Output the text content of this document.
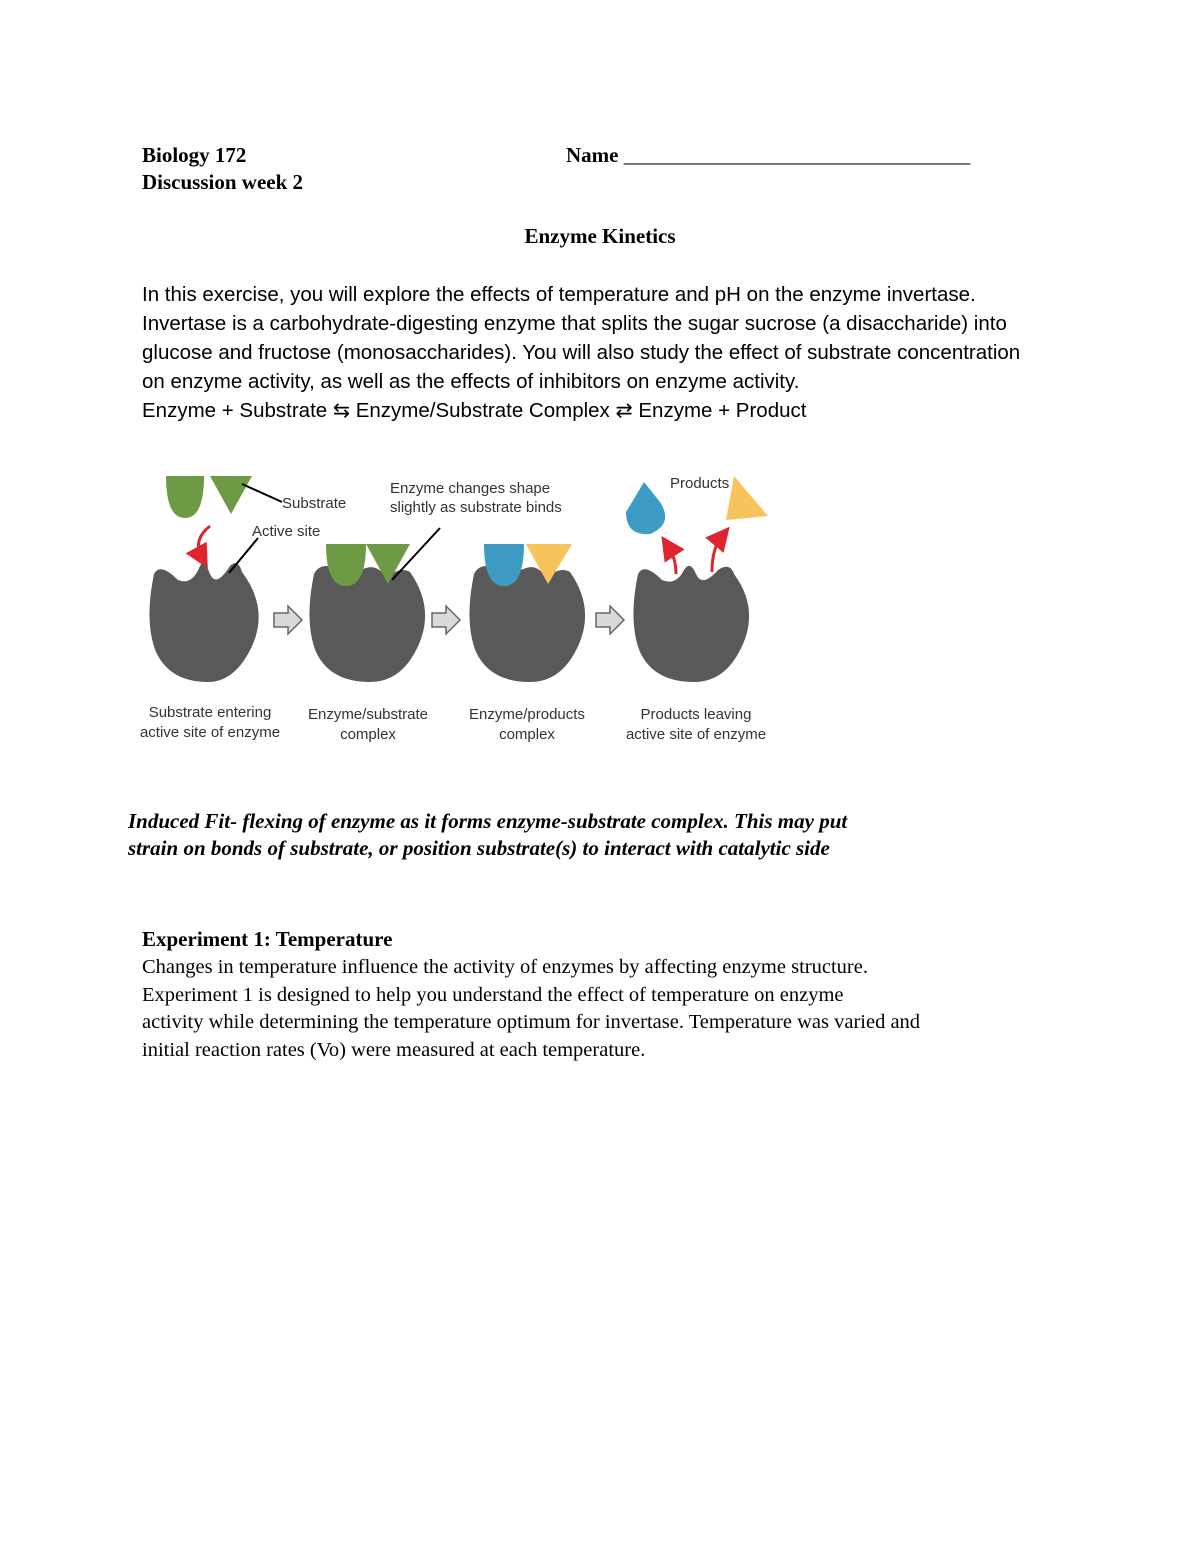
Biology 172
Discussion week 2
Name _________________________________
Enzyme Kinetics
In this exercise, you will explore the effects of temperature and pH on the enzyme invertase.
Invertase is a carbohydrate-digesting enzyme that splits the sugar sucrose (a disaccharide) into
glucose and fructose (monosaccharides). You will also study the effect of substrate concentration
on enzyme activity, as well as the effects of inhibitors on enzyme activity.
Enzyme + Substrate ⇆ Enzyme/Substrate Complex ⇄ Enzyme + Product
Substrate
Active site
Enzyme changes shape
slightly as substrate binds
Products
Substrate entering
active site of enzyme
Enzyme/substrate
complex
Enzyme/products
complex
Products leaving
active site of enzyme
Induced Fit- flexing of enzyme as it forms enzyme-substrate complex. This may put
strain on bonds of substrate, or position substrate(s) to interact with catalytic side
Experiment 1: Temperature
Changes in temperature influence the activity of enzymes by affecting enzyme structure.
Experiment 1 is designed to help you understand the effect of temperature on enzyme
activity while determining the temperature optimum for invertase. Temperature was varied and
initial reaction rates (Vo) were measured at each temperature.
